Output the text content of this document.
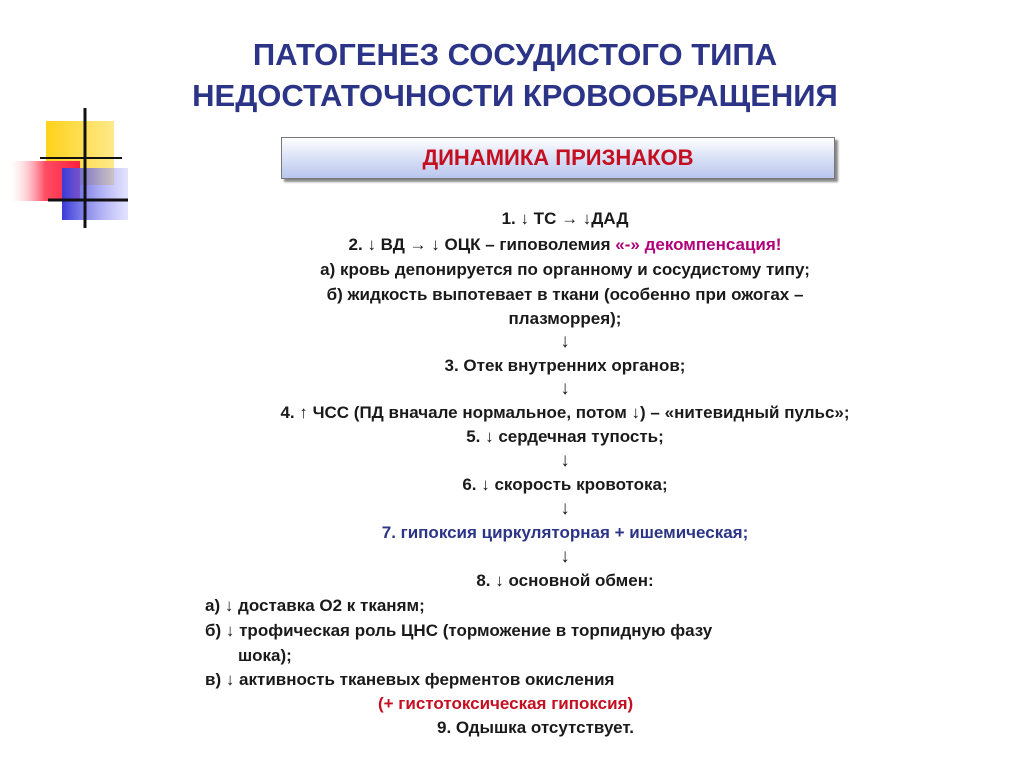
ПАТОГЕНЕЗ СОСУДИСТОГО ТИПА
НЕДОСТАТОЧНОСТИ КРОВООБРАЩЕНИЯ
ДИНАМИКА ПРИЗНАКОВ
1. ↓ ТС → ↓ДАД
2. ↓ ВД → ↓ ОЦК – гиповолемия «-» декомпенсация!
а) кровь депонируется по органному и сосудистому типу;
б) жидкость выпотевает в ткани (особенно при ожогах –
плазморрея);
↓
3. Отек внутренних органов;
↓
4. ↑ ЧСС (ПД вначале нормальное, потом ↓) – «нитевидный пульс»;
5. ↓ сердечная тупость;
↓
6. ↓ скорость кровотока;
↓
7. гипоксия циркуляторная + ишемическая;
↓
8. ↓ основной обмен:
а) ↓ доставка О2 к тканям;
б) ↓ трофическая роль ЦНС (торможение в торпидную фазу
шока);
в) ↓ активность тканевых ферментов окисления
(+ гистотоксическая гипоксия)
9. Одышка отсутствует.
